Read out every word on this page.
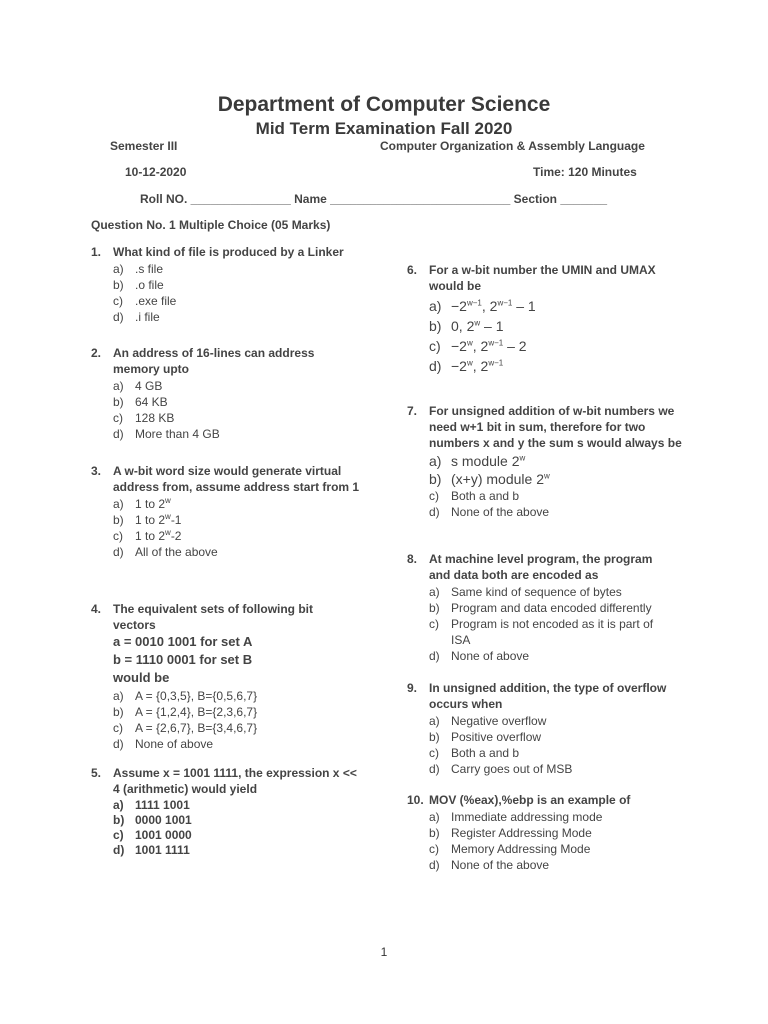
Department of Computer Science
Mid Term Examination Fall 2020
Semester III	Computer Organization & Assembly Language
10-12-2020	Time: 120 Minutes
Roll NO. _______________ Name ___________________________ Section _______
Question No. 1 Multiple Choice (05 Marks)
1. What kind of file is produced by a Linker
a) .s file
b) .o file
c)	.exe file
d) .i file
2. An address of 16-lines can address memory upto
a) 4 GB
b) 64 KB
c)	128 KB
d) More than 4 GB
3. A w-bit word size would generate virtual address from, assume address start from 1
a) 1 to 2$^w$
b) 1 to 2$^w$-1
c)	1 to 2$^w$-2
d) All of the above
4. The equivalent sets of following bit vectors
a = 0010 1001 for set A
b = 1110 0001 for set B
would be
a) A = {0,3,5}, B={0,5,6,7}
b) A = {1,2,4}, B={2,3,6,7}
c)	A = {2,6,7}, B={3,4,6,7}
d) None of above
5. Assume x = 1001 1111, the expression x << 4 (arithmetic) would yield
a) 1111 1001
b) 0000 1001
c) 1001 0000
d) 1001 1111
6. For a w-bit number the UMIN and UMAX would be
$a) -2^{w-1}$, $2^{w-1} - 1$
b) 0, 2$^w$ – 1
$c) -2^w$, $2^{w-1} - 2$
$d) -2^w$, $2^{w-1}$
7. For unsigned addition of w-bit numbers we need w+1 bit in sum, therefore for two numbers x and y the sum s would always be
a) s module 2$^w$
b) (x+y) module 2$^w$
c)	Both a and b
d) None of the above
8. At machine level program, the program and data both are encoded as
a) Same kind of sequence of bytes
b) Program and data encoded differently
c)	Program is not encoded as it is part of ISA
d) None of above
9. In unsigned addition, the type of overflow occurs when
a) Negative overflow
b) Positive overflow
c)	Both a and b
d) Carry goes out of MSB
10. MOV (%eax),%ebp is an example of
a) Immediate addressing mode
b) Register Addressing Mode
c)	Memory Addressing Mode
d) None of the above
1
